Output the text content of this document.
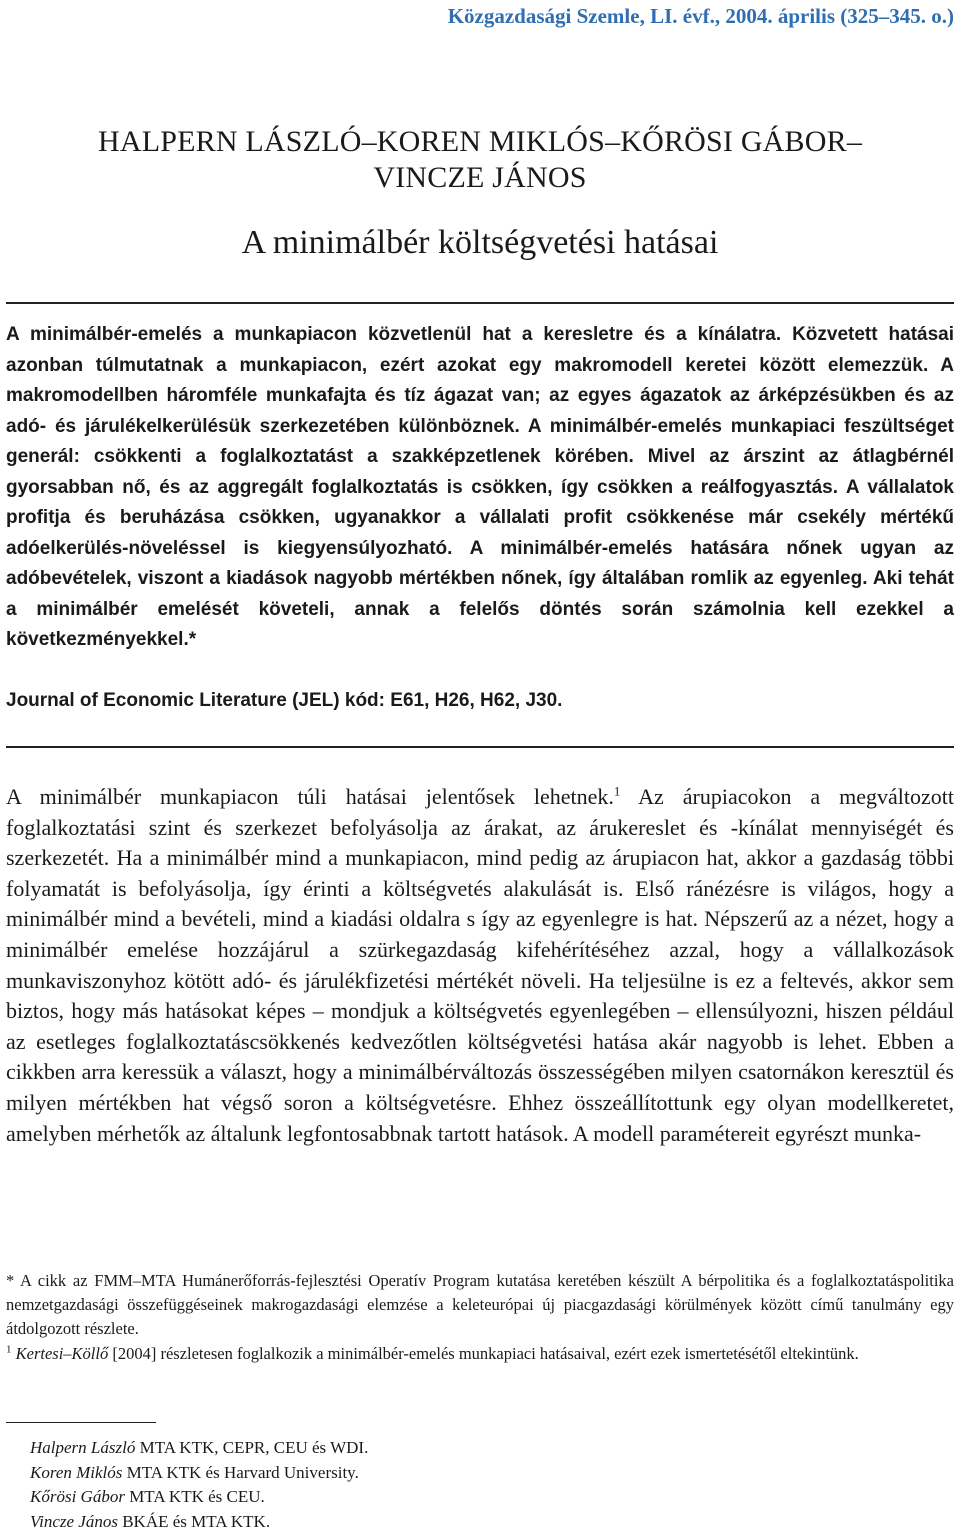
Közgazdasági Szemle, LI. évf., 2004. április (325–345. o.)
HALPERN LÁSZLÓ–KOREN MIKLÓS–KŐRÖSI GÁBOR–
VINCZE JÁNOS
A minimálbér költségvetési hatásai

A minimálbér-emelés a munkapiacon közvetlenül hat a keresletre és a kínálatra. Közvetett hatásai azonban túlmutatnak a munkapiacon, ezért azokat egy makromodell keretei között elemezzük. A makromodellben háromféle munkafajta és tíz ágazat van; az egyes ágazatok az árképzésükben és az adó- és járulékelkerülésük szerkezetében különböznek. A minimálbér-emelés munkapiaci feszültséget generál: csökkenti a foglalkoztatást a szakképzetlenek körében. Mivel az árszint az átlagbérnél gyorsabban nő, és az aggregált foglalkoztatás is csökken, így csökken a reálfogyasztás. A vállalatok profitja és beruházása csökken, ugyanakkor a vállalati profit csökkenése már csekély mértékű adóelkerülés-növeléssel is kiegyensúlyozható. A minimálbér-emelés hatására nőnek ugyan az adóbevételek, viszont a kiadások nagyobb mértékben nőnek, így általában romlik az egyenleg. Aki tehát a minimálbér emelését követeli, annak a felelős döntés során számolnia kell ezekkel a következményekkel.*

Journal of Economic Literature (JEL) kód: E61, H26, H62, J30.

A minimálbér munkapiacon túli hatásai jelentősek lehetnek.$^1$ Az árupiacokon a megváltozott foglalkoztatási szint és szerkezet befolyásolja az árakat, az árukereslet és -kínálat mennyiségét és szerkezetét. Ha a minimálbér mind a munkapiacon, mind pedig az árupiacon hat, akkor a gazdaság többi folyamatát is befolyásolja, így érinti a költségvetés alakulását is. Első ránézésre is világos, hogy a minimálbér mind a bevételi, mind a kiadási oldalra s így az egyenlegre is hat. Népszerű az a nézet, hogy a minimálbér emelése hozzájárul a szürkegazdaság kifehérítéséhez azzal, hogy a vállalkozások munkaviszonyhoz kötött adó- és járulékfizetési mértékét növeli. Ha teljesülne is ez a feltevés, akkor sem biztos, hogy más hatásokat képes – mondjuk a költségvetés egyenlegében – ellensúlyozni, hiszen például az esetleges foglalkoztatáscsökkenés kedvezőtlen költségvetési hatása akár nagyobb is lehet. Ebben a cikkben arra keressük a választ, hogy a minimálbérváltozás összességében milyen csatornákon keresztül és milyen mértékben hat végső soron a költségvetésre. Ehhez összeállítottunk egy olyan modellkeretet, amelyben mérhetők az általunk legfontosabbnak tartott hatások. A modell paramétereit egyrészt munka-

* A cikk az FMM–MTA Humánerőforrás-fejlesztési Operatív Program kutatása keretében készült A bérpolitika és a foglalkoztatáspolitika nemzetgazdasági összefüggéseinek makrogazdasági elemzése a keleteurópai új piacgazdasági körülmények között című tanulmány egy átdolgozott részlete.

$^1$ Kertesi–Köllő [2004] részletesen foglalkozik a minimálbér-emelés munkapiaci hatásaival, ezért ezek ismertetésétől eltekintünk.

Halpern László MTA KTK, CEPR, CEU és WDI.
Koren Miklós MTA KTK és Harvard University.
Kőrösi Gábor MTA KTK és CEU.
Vincze János BKÁE és MTA KTK.
